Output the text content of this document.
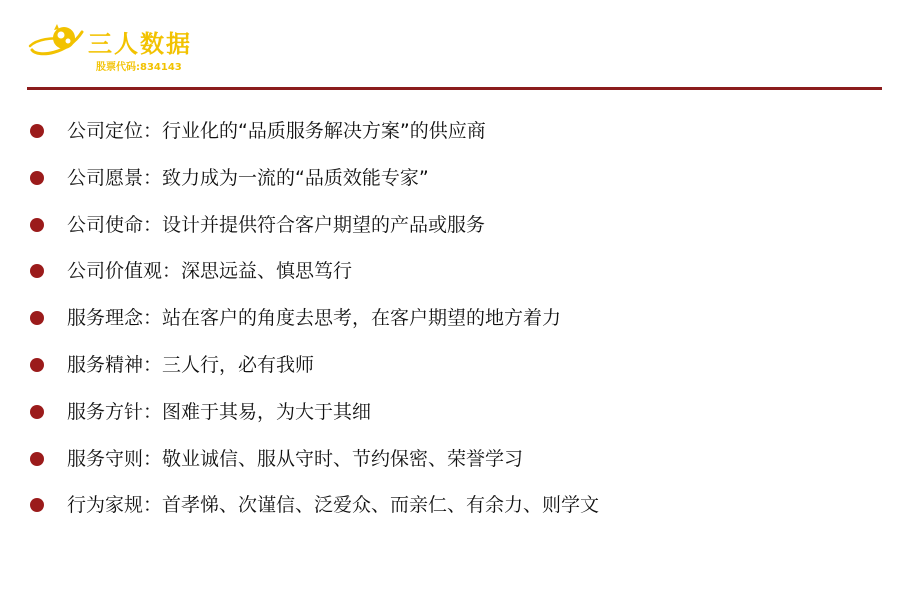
三人数据
股票代码:834143
公司定位：行业化的“品质服务解决方案”的供应商
公司愿景：致力成为一流的“品质效能专家”
公司使命：设计并提供符合客户期望的产品或服务
公司价值观：深思远益、慎思笃行
服务理念：站在客户的角度去思考，在客户期望的地方着力
服务精神：三人行，必有我师
服务方针：图难于其易，为大于其细
服务守则：敬业诚信、服从守时、节约保密、荣誉学习
行为家规：首孝悌、次谨信、泛爱众、而亲仁、有余力、则学文
